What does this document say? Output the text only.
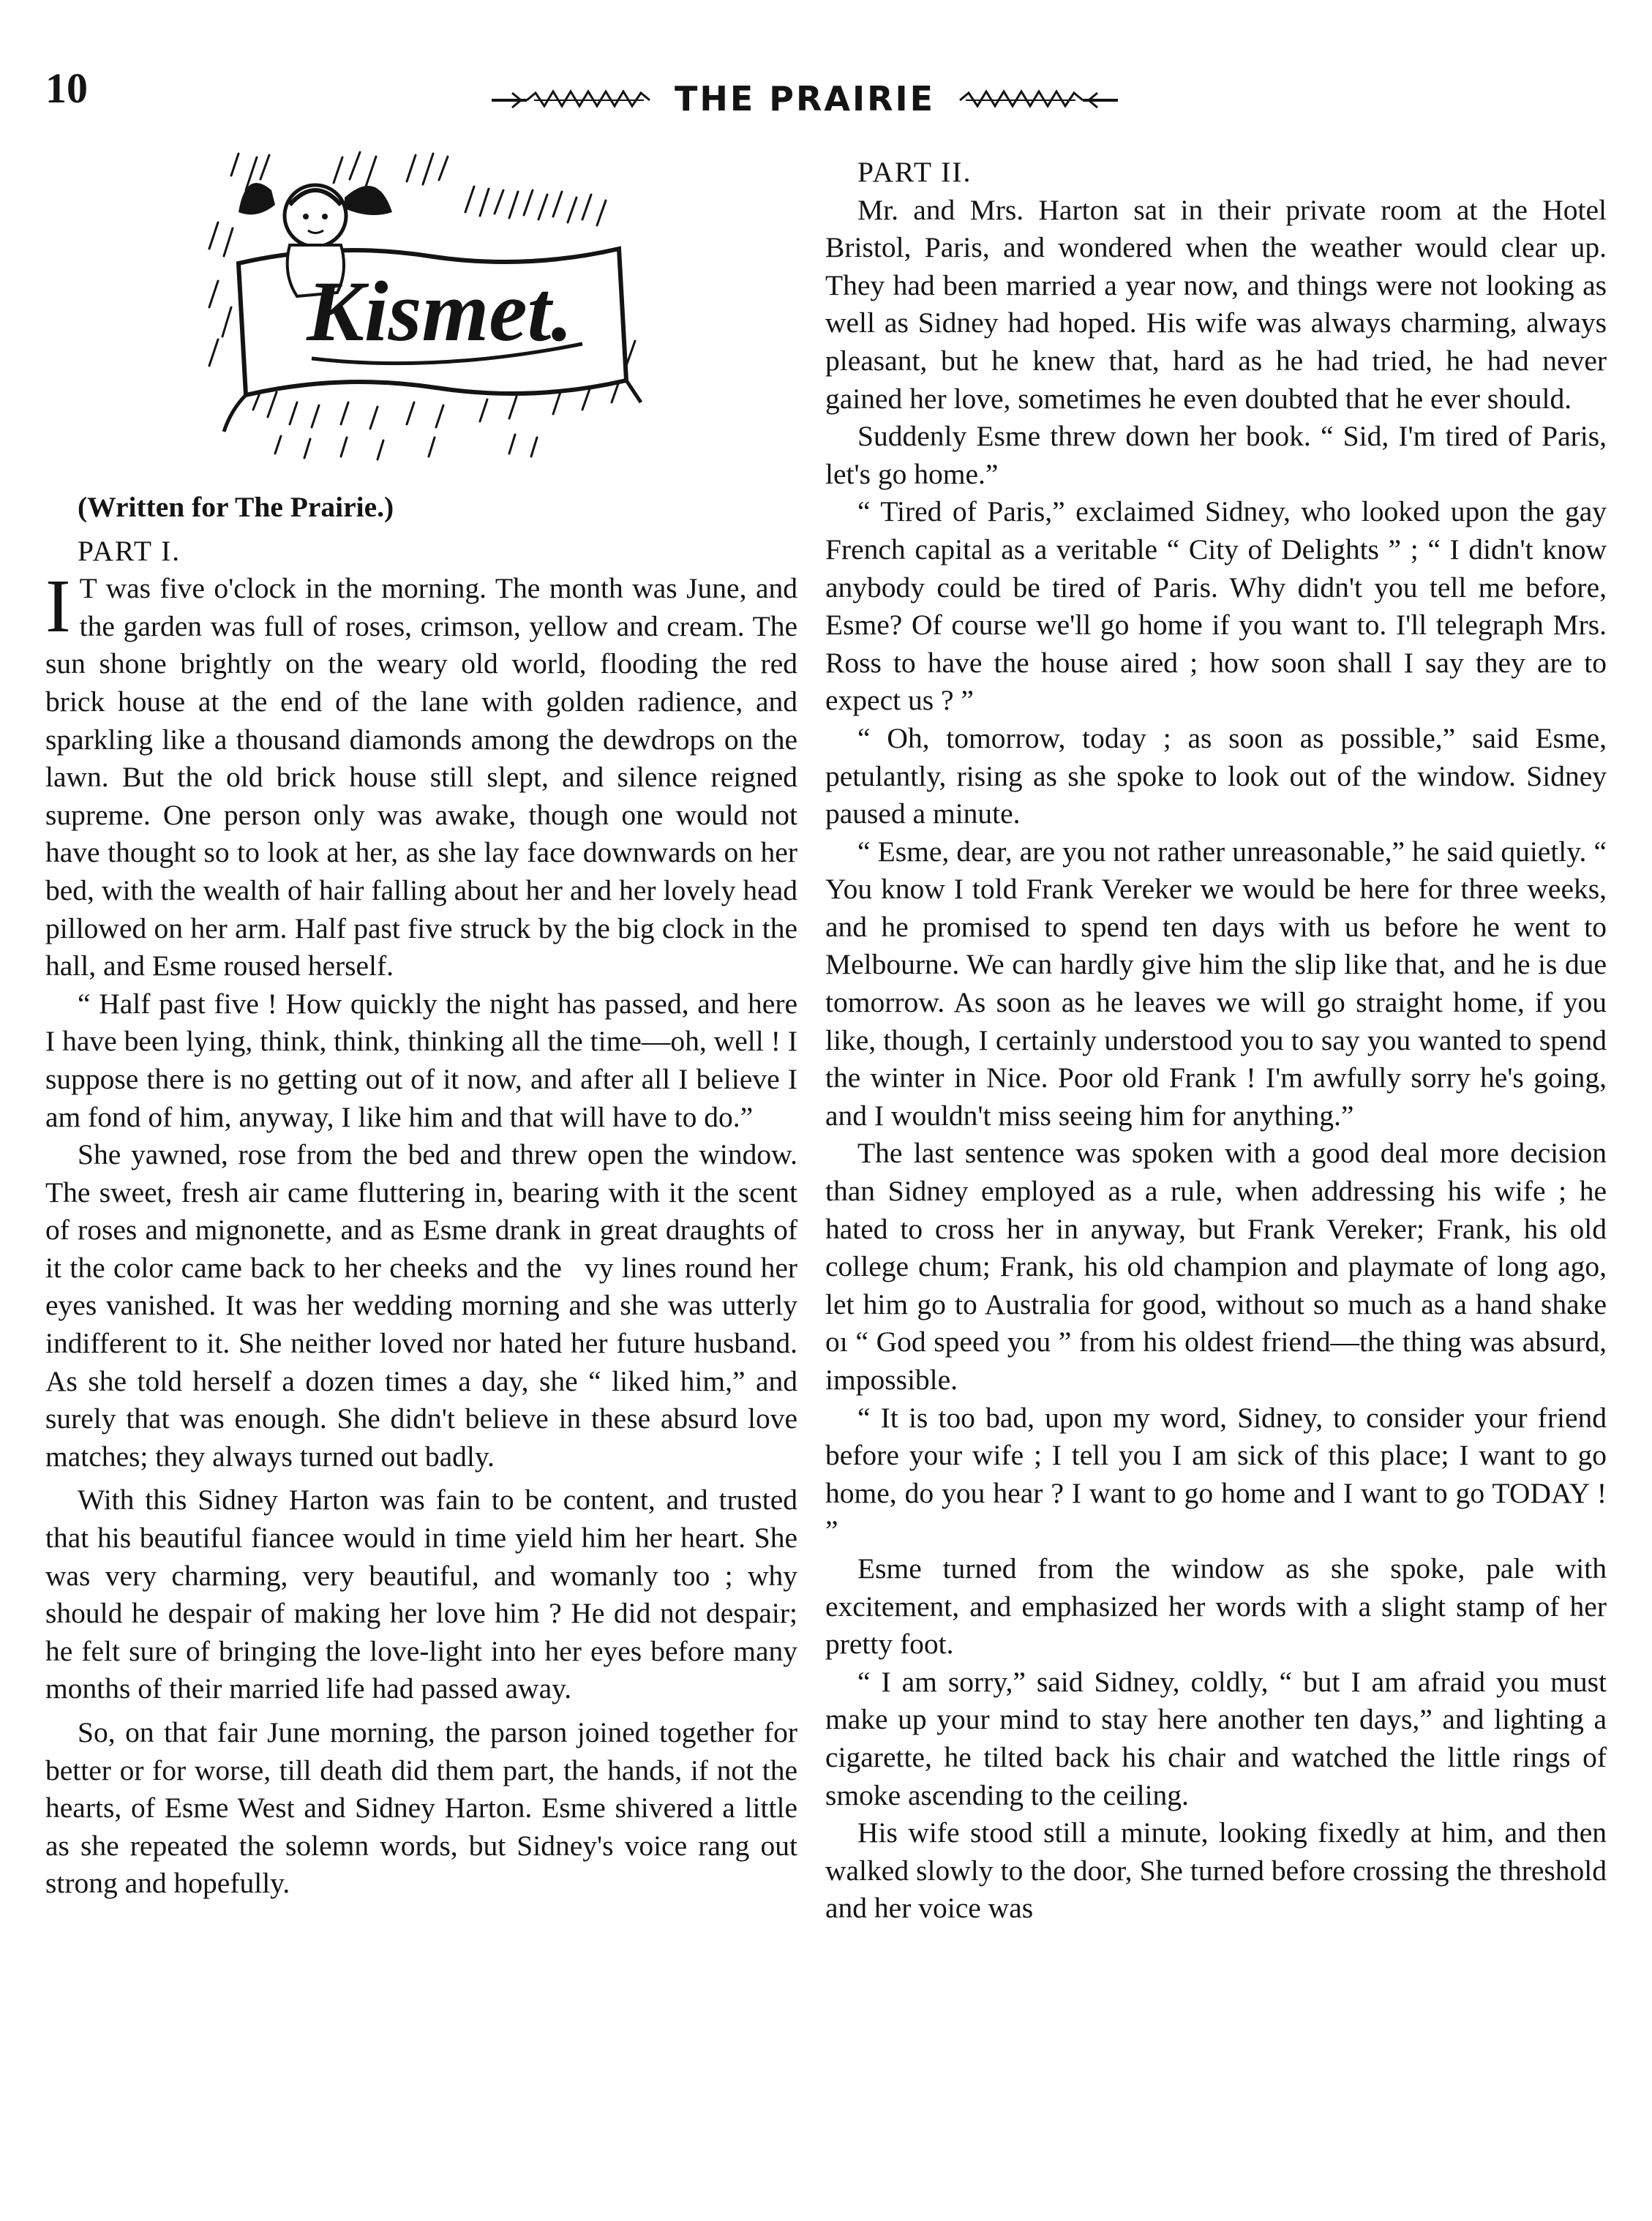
10	THE PRAIRIE
Kismet.

(Written for The Prairie.)

PART I.

I T was five o'clock in the morning. The month was June, and the garden was full of roses, crimson, yellow and cream. The sun shone brightly on the weary old world, flooding the red brick house at the end of the lane with golden radience, and sparkling like a thousand diamonds among the dewdrops on the lawn. But the old brick house still slept, and silence reigned supreme. One person only was awake, though one would not have thought so to look at her, as she lay face downwards on her bed, with the wealth of hair falling about her and her lovely head pillowed on her arm. Half past five struck by the big clock in the hall, and Esme roused herself.

“ Half past five ! How quickly the night has passed, and here I have been lying, think, think, thinking all the time—oh, well ! I suppose there is no getting out of it now, and after all I believe I am fond of him, anyway, I like him and that will have to do.”

She yawned, rose from the bed and threw open the window. The sweet, fresh air came fluttering in, bearing with it the scent of roses and mignonette, and as Esme drank in great draughts of it the color came back to her cheeks and the  vy lines round her eyes vanished. It was her wedding morning and she was utterly indifferent to it. She neither loved nor hated her future husband. As she told herself a dozen times a day, she “ liked him,” and surely that was enough. She didn't believe in these absurd love matches; they always turned out badly.

With this Sidney Harton was fain to be content, and trusted that his beautiful fiancee would in time yield him her heart. She was very charming, very beautiful, and womanly too ; why should he despair of making her love him ? He did not despair; he felt sure of bringing the love-light into her eyes before many months of their married life had passed away.

So, on that fair June morning, the parson joined together for better or for worse, till death did them part, the hands, if not the hearts, of Esme West and Sidney Harton. Esme shivered a little as she repeated the solemn words, but Sidney's voice rang out strong and hopefully.

PART II.

Mr. and Mrs. Harton sat in their private room at the Hotel Bristol, Paris, and wondered when the weather would clear up. They had been married a year now, and things were not looking as well as Sidney had hoped. His wife was always charming, always pleasant, but he knew that, hard as he had tried, he had never gained her love, sometimes he even doubted that he ever should.

Suddenly Esme threw down her book. “ Sid, I'm tired of Paris, let's go home.”

“ Tired of Paris,” exclaimed Sidney, who looked upon the gay French capital as a veritable “ City of Delights ” ; “ I didn't know anybody could be tired of Paris. Why didn't you tell me before, Esme? Of course we'll go home if you want to. I'll telegraph Mrs. Ross to have the house aired ; how soon shall I say they are to expect us ? ”

“ Oh, tomorrow, today ; as soon as possible,” said Esme, petulantly, rising as she spoke to look out of the window. Sidney paused a minute.

“ Esme, dear, are you not rather unreasonable,” he said quietly. “ You know I told Frank Vereker we would be here for three weeks, and he promised to spend ten days with us before he went to Melbourne. We can hardly give him the slip like that, and he is due tomorrow. As soon as he leaves we will go straight home, if you like, though, I certainly understood you to say you wanted to spend the winter in Nice. Poor old Frank ! I'm awfully sorry he's going, and I wouldn't miss seeing him for anything.”

The last sentence was spoken with a good deal more decision than Sidney employed as a rule, when addressing his wife ; he hated to cross her in anyway, but Frank Vereker; Frank, his old college chum; Frank, his old champion and playmate of long ago, let him go to Australia for good, without so much as a hand shake oı “ God speed you ” from his oldest friend—the thing was absurd, impossible.

“ It is too bad, upon my word, Sidney, to consider your friend before your wife ; I tell you I am sick of this place; I want to go home, do you hear ? I want to go home and I want to go TODAY ! ”

Esme turned from the window as she spoke, pale with excitement, and emphasized her words with a slight stamp of her pretty foot.

“ I am sorry,” said Sidney, coldly, “ but I am afraid you must make up your mind to stay here another ten days,” and lighting a cigarette, he tilted back his chair and watched the little rings of smoke ascending to the ceiling.

His wife stood still a minute, looking fixedly at him, and then walked slowly to the door, She turned before crossing the threshold and her voice was
